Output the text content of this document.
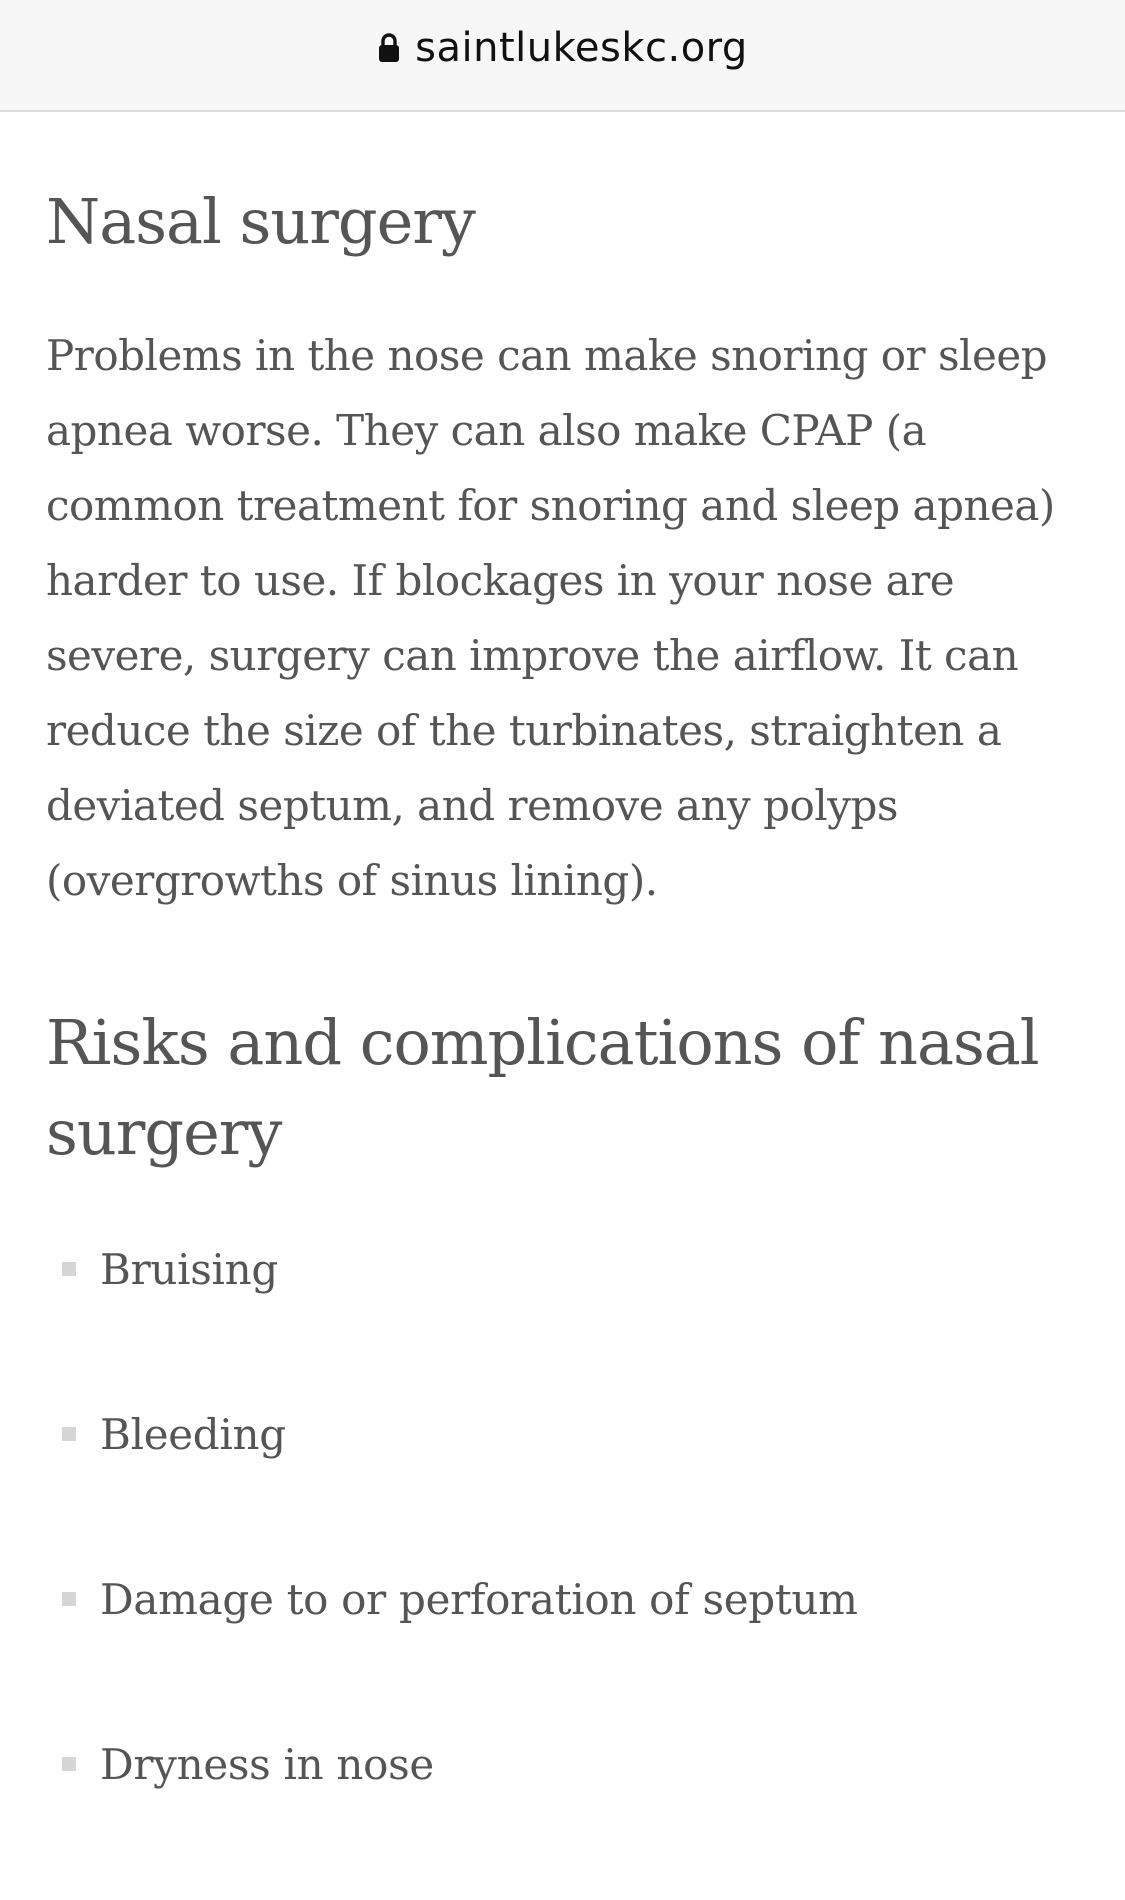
saintlukeskc.org
Nasal surgery

Problems in the nose can make snoring or sleep
apnea worse. They can also make CPAP (a
common treatment for snoring and sleep apnea)
harder to use. If blockages in your nose are
severe, surgery can improve the airflow. It can
reduce the size of the turbinates, straighten a
deviated septum, and remove any polyps
(overgrowths of sinus lining).

Risks and complications of nasal
surgery
Bruising
Bleeding
Damage to or perforation of septum
Dryness in nose
